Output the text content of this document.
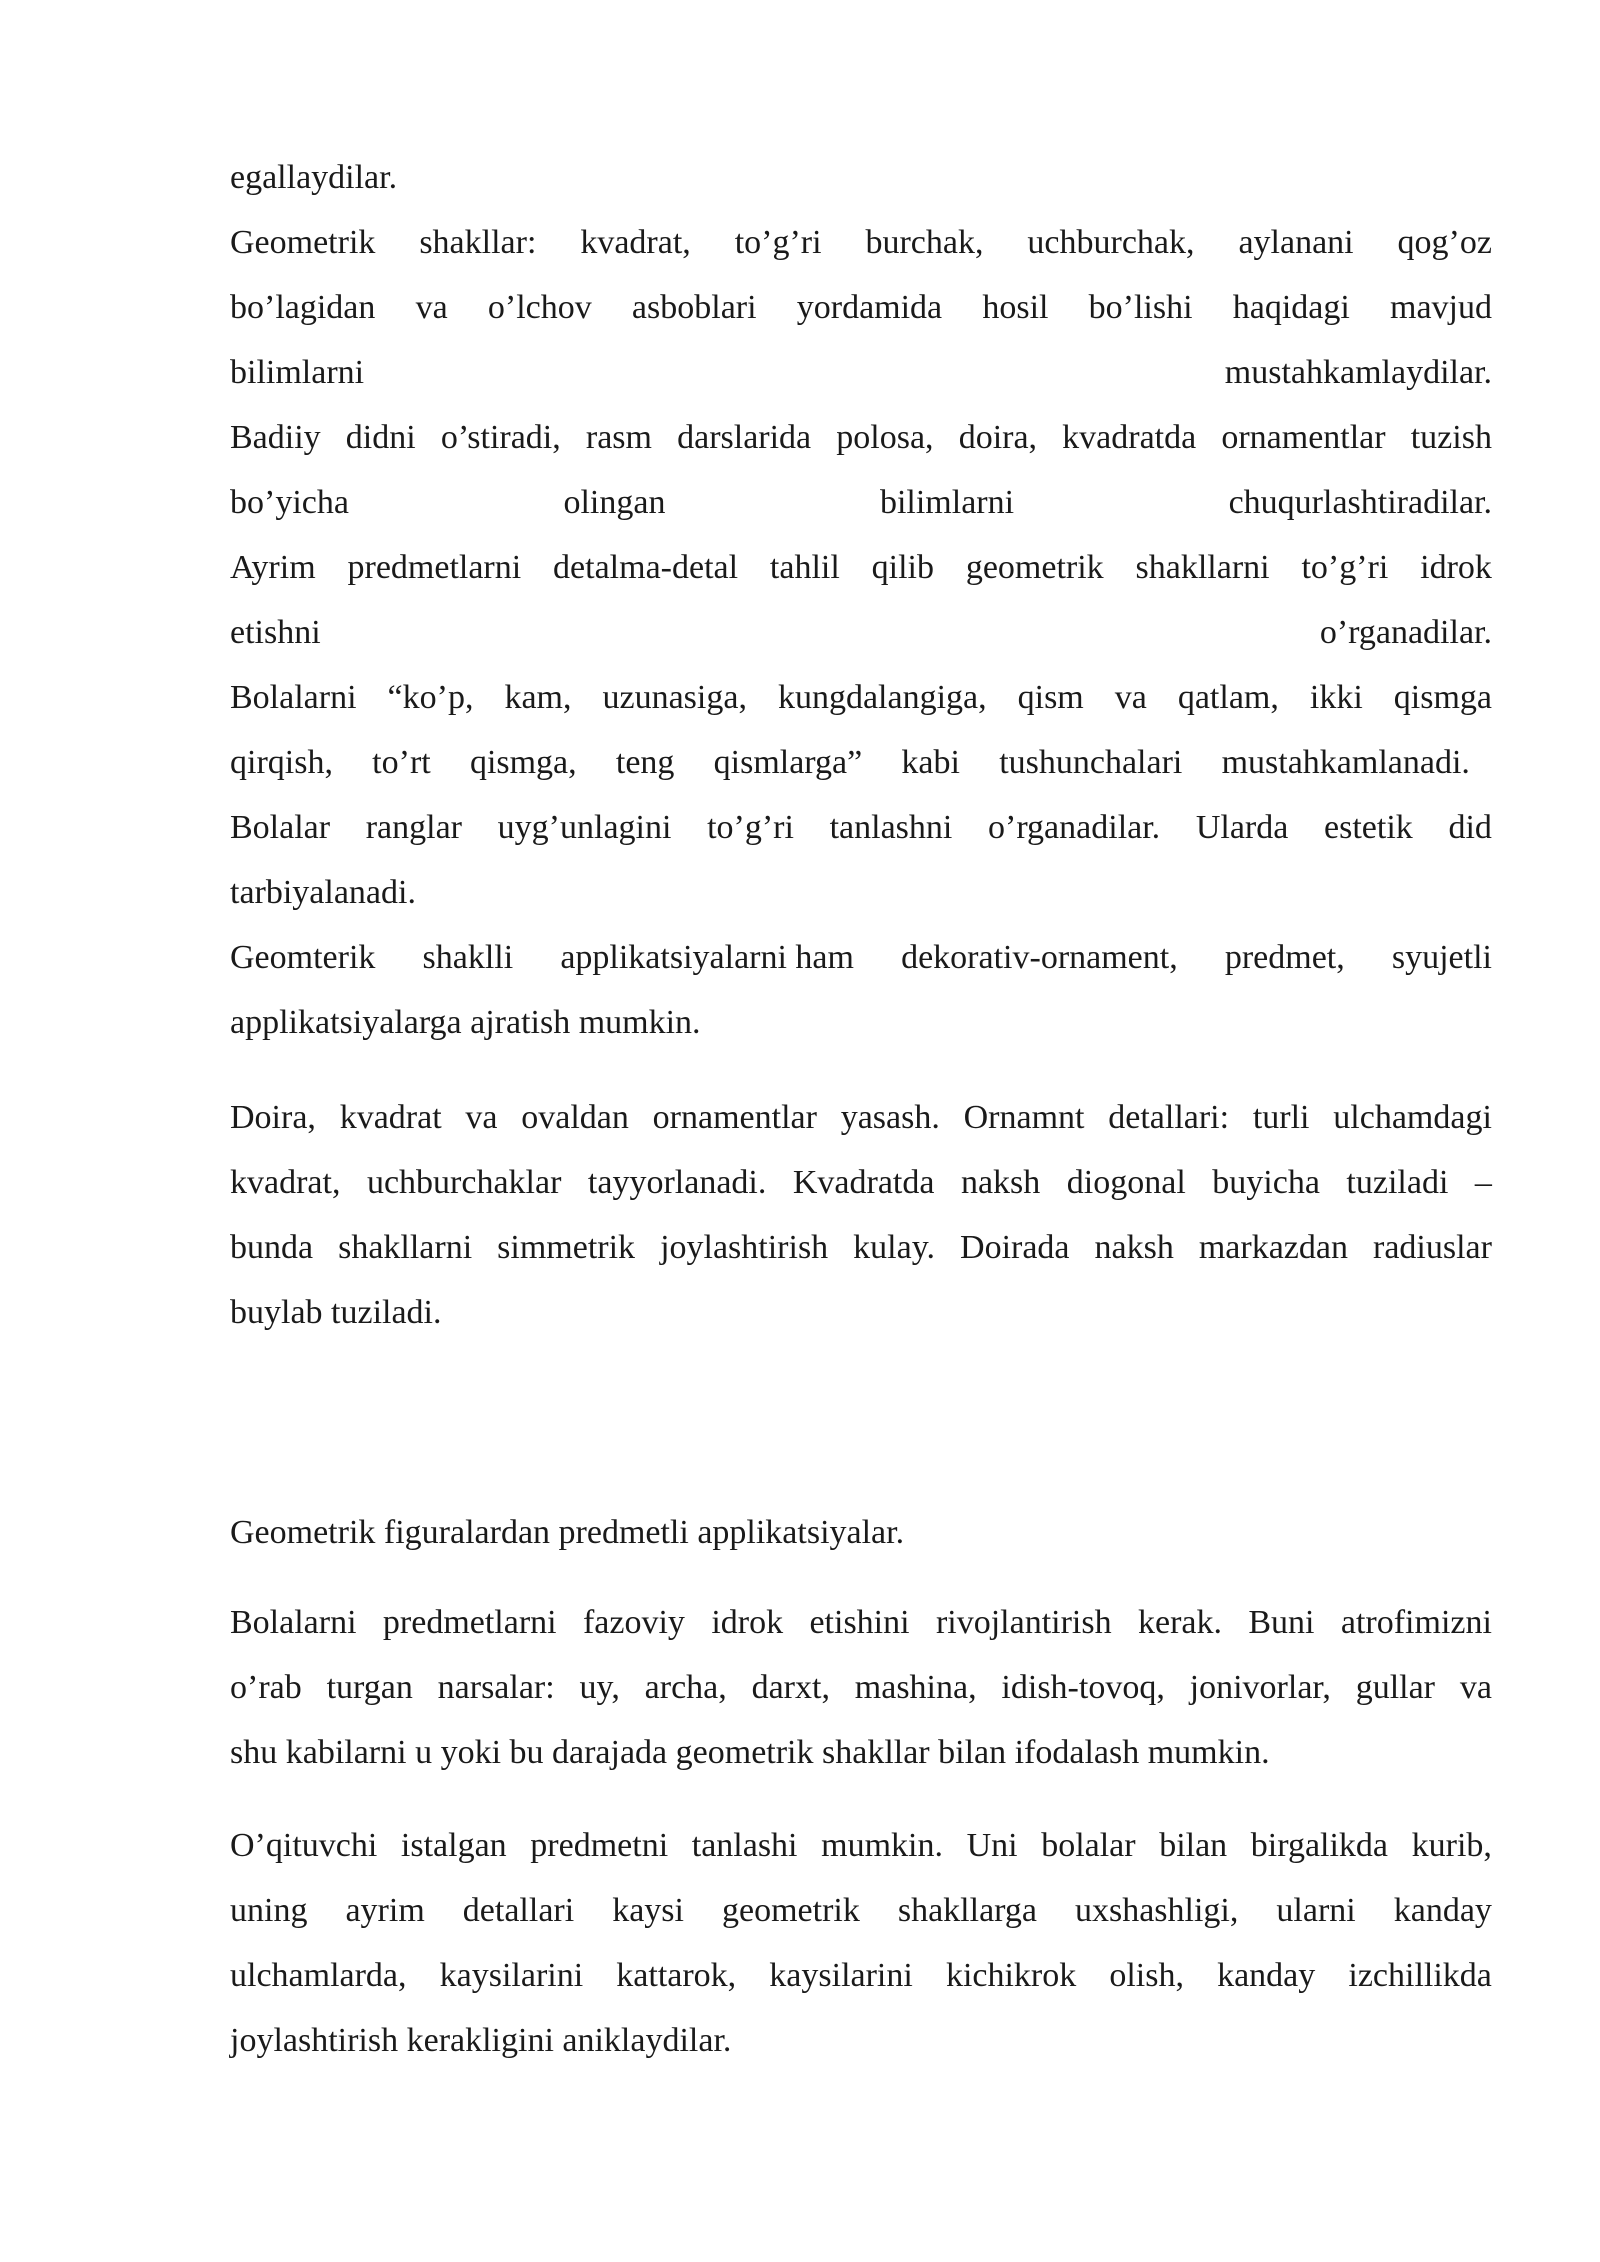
egallaydilar.
Geometrik shakllar: kvadrat, to’g’ri burchak, uchburchak, aylanani qog’oz
bo’lagidan va o’lchov asboblari yordamida hosil bo’lishi haqidagi mavjud
bilimlarni	mustahkamlaydilar.
Badiiy didni o’stiradi, rasm darslarida polosa, doira, kvadratda ornamentlar tuzish
bo’yicha	olingan	bilimlarni	chuqurlashtiradilar.
Ayrim predmetlarni detalma-detal tahlil qilib geometrik shakllarni to’g’ri idrok
etishni	o’rganadilar.
Bolalarni “ko’p, kam, uzunasiga, kungdalangiga, qism va qatlam, ikki qismga
qirqish, to’rt qismga, teng qismlarga” kabi tushunchalari mustahkamlanadi.
Bolalar ranglar uyg’unlagini to’g’ri tanlashni o’rganadilar. Ularda estetik did
tarbiyalanadi.
Geomterik shaklli applikatsiyalarni ham dekorativ-ornament, predmet, syujetli
applikatsiyalarga ajratish mumkin.
Doira, kvadrat va ovaldan ornamentlar yasash. Ornamnt detallari: turli ulchamdagi
kvadrat, uchburchaklar tayyorlanadi. Kvadratda naksh diogonal buyicha tuziladi –
bunda shakllarni simmetrik joylashtirish kulay. Doirada naksh markazdan radiuslar
buylab tuziladi.
Geometrik figuralardan predmetli applikatsiyalar.
Bolalarni predmetlarni fazoviy idrok etishini rivojlantirish kerak. Buni atrofimizni
o’rab turgan narsalar: uy, archa, darxt, mashina, idish-tovoq, jonivorlar, gullar va
shu kabilarni u yoki bu darajada geometrik shakllar bilan ifodalash mumkin.
O’qituvchi istalgan predmetni tanlashi mumkin. Uni bolalar bilan birgalikda kurib,
uning ayrim detallari kaysi geometrik shakllarga uxshashligi, ularni kanday
ulchamlarda, kaysilarini kattarok, kaysilarini kichikrok olish, kanday izchillikda
joylashtirish kerakligini aniklaydilar.
